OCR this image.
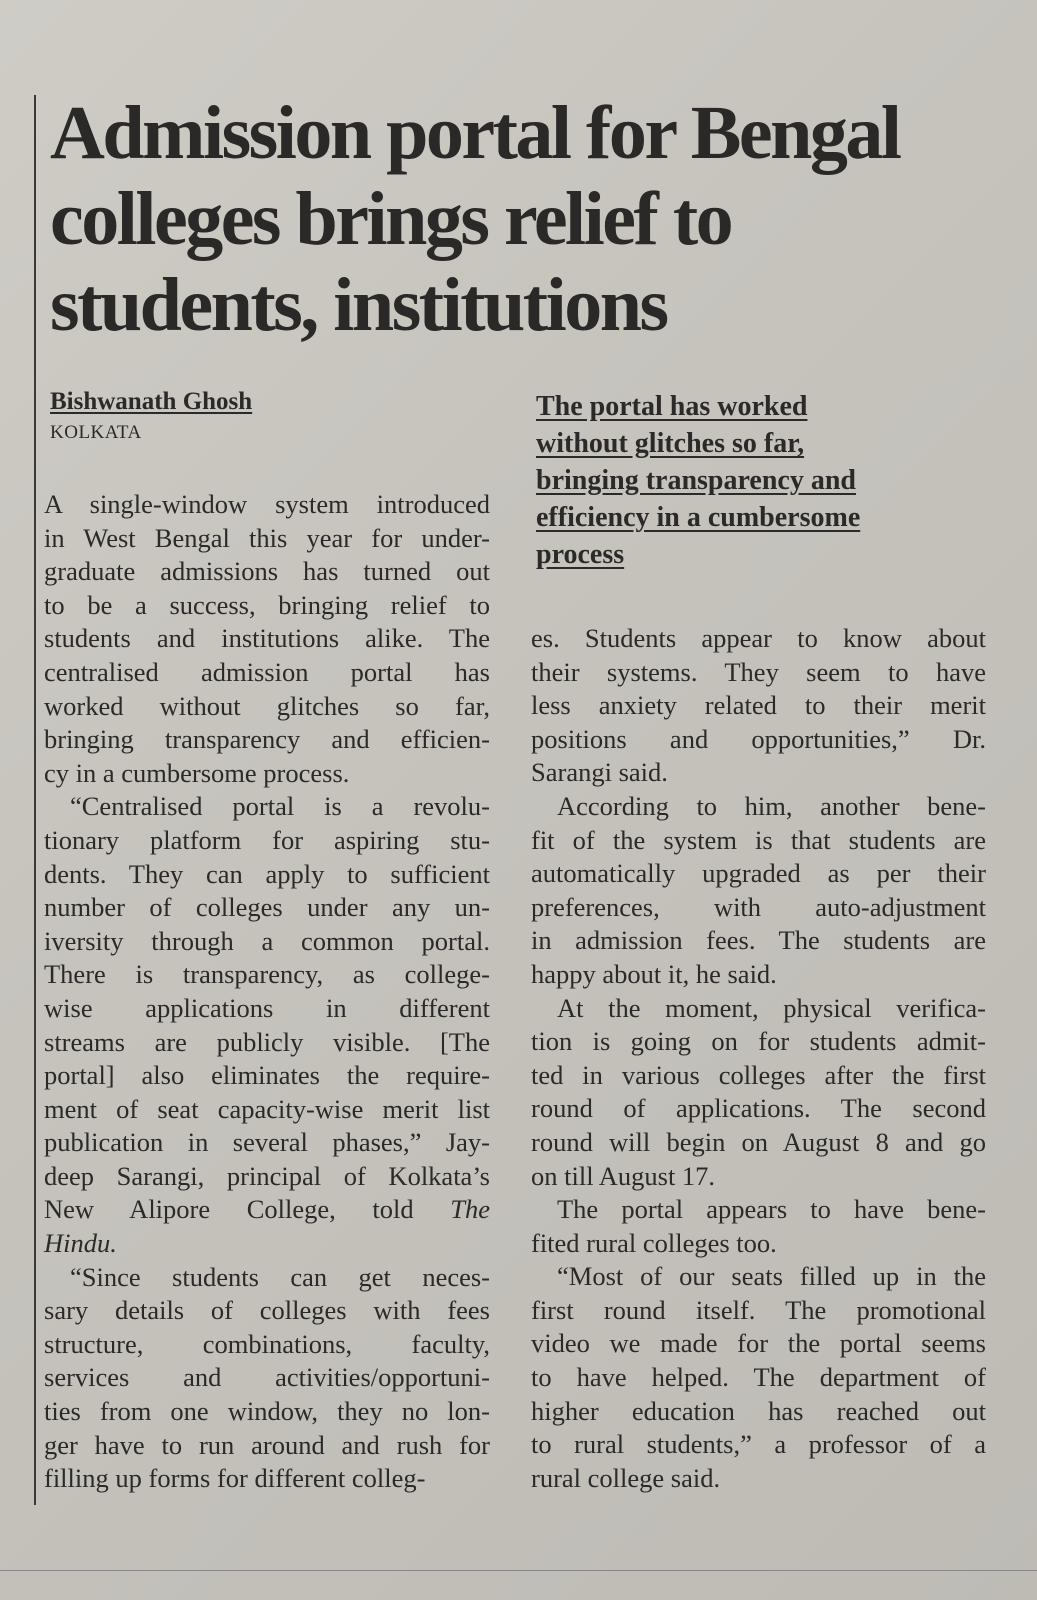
Admission portal for Bengal
colleges brings relief to
students, institutions
Bishwanath Ghosh
KOLKATA
The portal has worked
without glitches so far,
bringing transparency and
efficiency in a cumbersome
process
A single-window system introduced
in West Bengal this year for under-
graduate admissions has turned out
to be a success, bringing relief to
students and institutions alike. The
centralised admission portal has
worked without glitches so far,
bringing transparency and efficien-
cy in a cumbersome process.
“Centralised portal is a revolu-
tionary platform for aspiring stu-
dents. They can apply to sufficient
number of colleges under any un-
iversity through a common portal.
There is transparency, as college-
wise applications in different
streams are publicly visible. [The
portal] also eliminates the require-
ment of seat capacity-wise merit list
publication in several phases,” Jay-
deep Sarangi, principal of Kolkata’s
New Alipore College, told The
Hindu.
“Since students can get neces-
sary details of colleges with fees
structure, combinations, faculty,
services and activities/opportuni-
ties from one window, they no lon-
ger have to run around and rush for
filling up forms for different colleg-
es. Students appear to know about
their systems. They seem to have
less anxiety related to their merit
positions and opportunities,” Dr.
Sarangi said.
According to him, another bene-
fit of the system is that students are
automatically upgraded as per their
preferences, with auto-adjustment
in admission fees. The students are
happy about it, he said.
At the moment, physical verifica-
tion is going on for students admit-
ted in various colleges after the first
round of applications. The second
round will begin on August 8 and go
on till August 17.
The portal appears to have bene-
fited rural colleges too.
“Most of our seats filled up in the
first round itself. The promotional
video we made for the portal seems
to have helped. The department of
higher education has reached out
to rural students,” a professor of a
rural college said.
